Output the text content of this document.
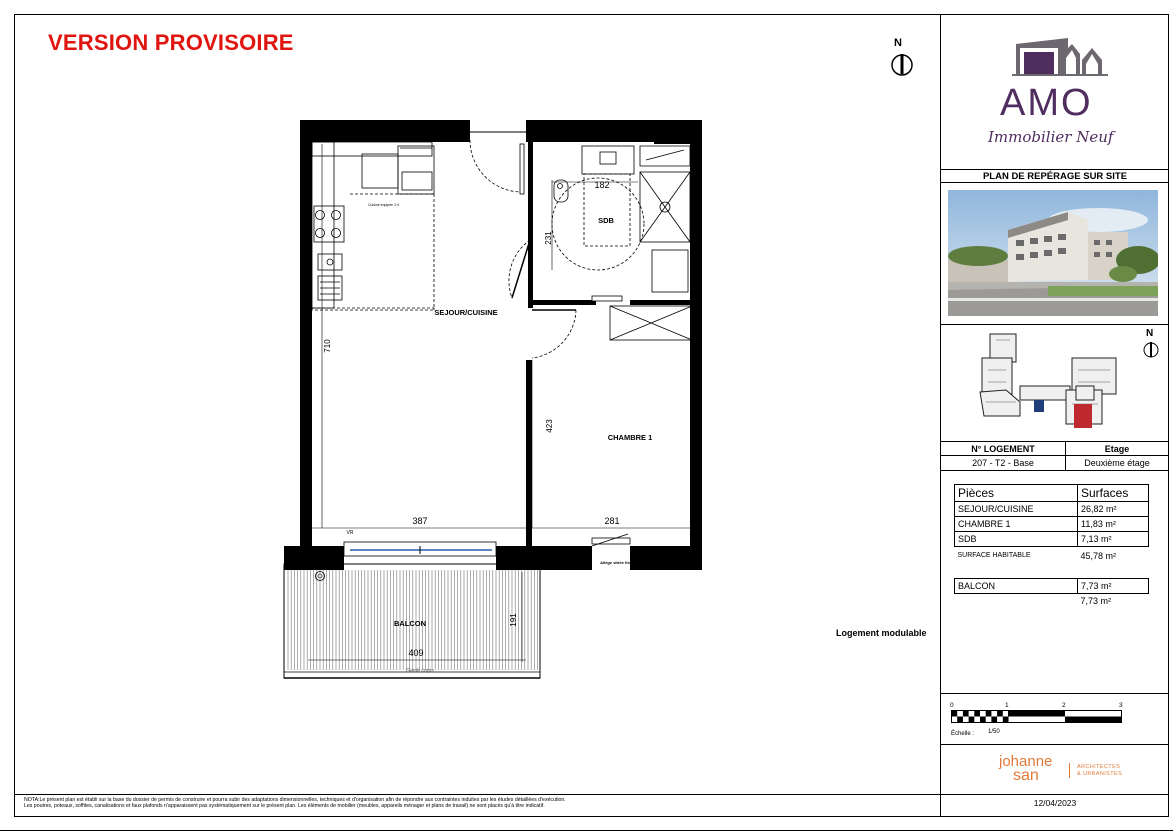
VERSION PROVISOIRE	N
AMO
Immobilier Neuf
PLAN DE REPÉRAGE SUR SITE
N
N° LOGEMENT	Etage
207 - T2 - Base	Deuxième étage
Pièces	Surfaces
SEJOUR/CUISINE	26,82 m²
CHAMBRE 1	11,83 m²
SDB	7,13 m²
SURFACE HABITABLE	45,78 m²

BALCON	7,73 m²
	7,73 m²
0	1	2	3
Échelle : 1/50
johanne
san	ARCHITECTES
& URBANISTES
Logement modulable
Cuisine équipée 2,4
182
231
710
423
387	281
409
191
SEJOUR/CUISINE
CHAMBRE 1
SDB
BALCON
VR
Allège vitrée fixe
Garde corps
NOTA:Le présent plan est établi sur la base du dossier de permis de construire et pourra subir des adaptations dimensionnelles, techniques et d'organisation afin de répondre aux contraintes induites par les études détaillées d'exécution.
Les poutres, poteaux, soffites, canalisations et faux plafonds n'apparaissent pas systématiquement sur le présent plan. Les éléments de mobilier (meubles, appareils ménager et plans de travail) ne sont placés qu'à titre indicatif.	12/04/2023
